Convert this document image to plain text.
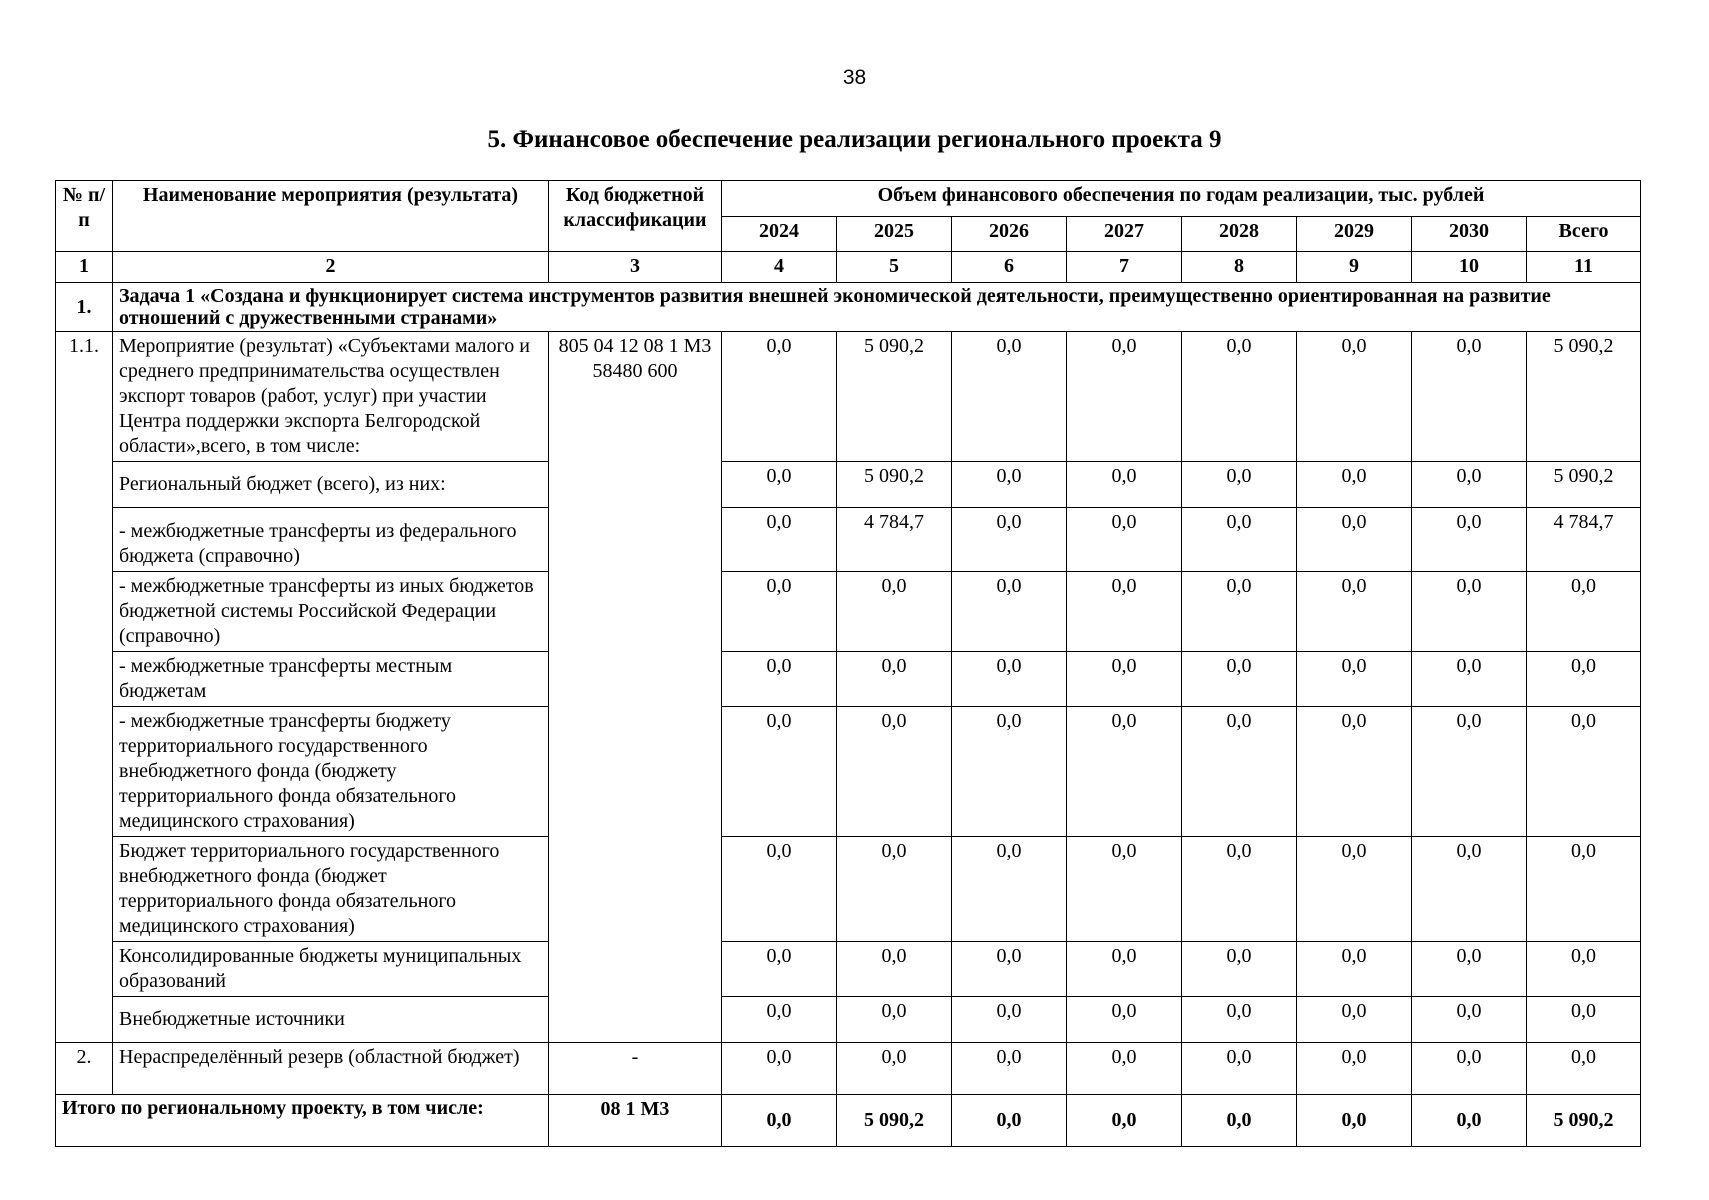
38
5. Финансовое обеспечение реализации регионального проекта 9
№ п/п	Наименование мероприятия (результата)	Код бюджетной классификации	Объем финансового обеспечения по годам реализации, тыс. рублей							
			2024	2025	2026	2027	2028	2029	2030	Всего
1	2	3	4	5	6	7	8	9	10	11
1.	Задача 1 «Создана и функционирует система инструментов развития внешней экономической деятельности, преимущественно ориентированная на развитие отношений с дружественными странами»									
1.1.	Мероприятие (результат) «Субъектами малого и среднего предпринимательства осуществлен экспорт товаров (работ, услуг) при участии Центра поддержки экспорта Белгородской области»,всего, в том числе:	805 04 12 08 1 М3 58480 600	0,0	5 090,2	0,0	0,0	0,0	0,0	0,0	5 090,2
	Региональный бюджет (всего), из них:		0,0	5 090,2	0,0	0,0	0,0	0,0	0,0	5 090,2
	- межбюджетные трансферты из федерального бюджета (справочно)		0,0	4 784,7	0,0	0,0	0,0	0,0	0,0	4 784,7
	- межбюджетные трансферты из иных бюджетов бюджетной системы Российской Федерации (справочно)		0,0	0,0	0,0	0,0	0,0	0,0	0,0	0,0
	- межбюджетные трансферты местным бюджетам		0,0	0,0	0,0	0,0	0,0	0,0	0,0	0,0
	- межбюджетные трансферты бюджету территориального государственного внебюджетного фонда (бюджету территориального фонда обязательного медицинского страхования)		0,0	0,0	0,0	0,0	0,0	0,0	0,0	0,0
	Бюджет территориального государственного внебюджетного фонда (бюджет территориального фонда обязательного медицинского страхования)		0,0	0,0	0,0	0,0	0,0	0,0	0,0	0,0
	Консолидированные бюджеты муниципальных образований		0,0	0,0	0,0	0,0	0,0	0,0	0,0	0,0
	Внебюджетные источники		0,0	0,0	0,0	0,0	0,0	0,0	0,0	0,0
2.	Нераспределённый резерв (областной бюджет)	-	0,0	0,0	0,0	0,0	0,0	0,0	0,0	0,0
Итого по региональному проекту, в том числе:		08 1 М3	0,0	5 090,2	0,0	0,0	0,0	0,0	0,0	5 090,2
